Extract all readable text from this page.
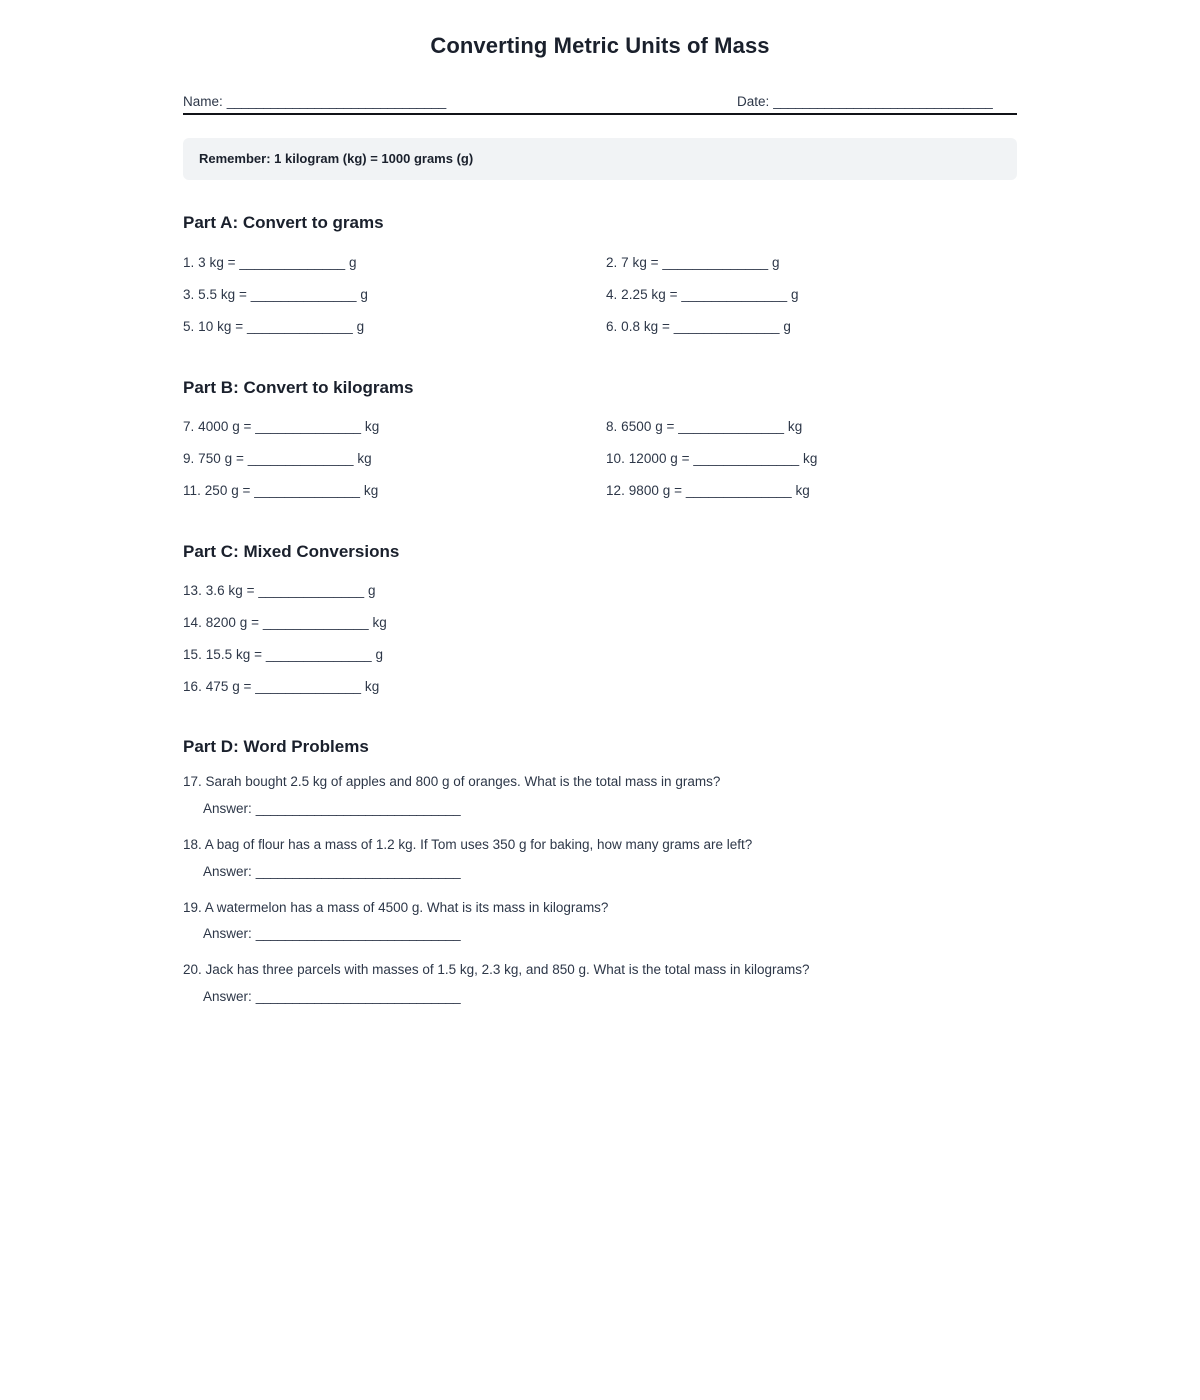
Converting Metric Units of Mass
Name: ______________________________	Date: ______________________________
Remember: 1 kilogram (kg) = 1000 grams (g)
Part A: Convert to grams
1. 3 kg = ______________ g	2. 7 kg = ______________ g
3. 5.5 kg = ______________ g	4. 2.25 kg = ______________ g
5. 10 kg = ______________ g	6. 0.8 kg = ______________ g
Part B: Convert to kilograms
7. 4000 g = ______________ kg	8. 6500 g = ______________ kg
9. 750 g = ______________ kg	10. 12000 g = ______________ kg
11. 250 g = ______________ kg	12. 9800 g = ______________ kg
Part C: Mixed Conversions
13. 3.6 kg = ______________ g
14. 8200 g = ______________ kg
15. 15.5 kg = ______________ g
16. 475 g = ______________ kg
Part D: Word Problems

17. Sarah bought 2.5 kg of apples and 800 g of oranges. What is the total mass in grams?

Answer: ____________________________

18. A bag of flour has a mass of 1.2 kg. If Tom uses 350 g for baking, how many grams are left?

Answer: ____________________________

19. A watermelon has a mass of 4500 g. What is its mass in kilograms?

Answer: ____________________________

20. Jack has three parcels with masses of 1.5 kg, 2.3 kg, and 850 g. What is the total mass in kilograms?

Answer: ____________________________
